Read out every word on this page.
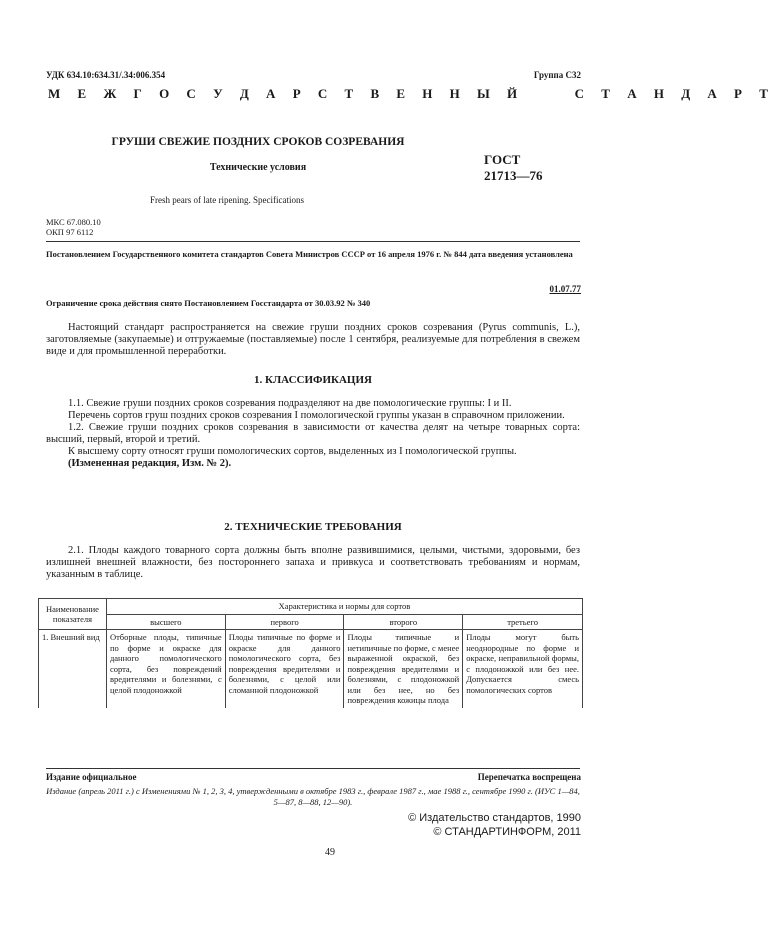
УДК 634.10:634.31/.34:006.354	Группа С32
М Е Ж Г О С У Д А Р С Т В Е Н Н Ы Й	С Т А Н Д А Р Т
ГРУШИ СВЕЖИЕ ПОЗДНИХ СРОКОВ СОЗРЕВАНИЯ
Технические условия
ГОСТ
21713—76
Fresh pears of late ripening. Specifications
МКС 67.080.10
ОКП 97 6112
Постановлением Государственного комитета стандартов Совета Министров СССР от 16 апреля 1976 г. № 844 дата введения установлена
01.07.77
Ограничение срока действия снято Постановлением Госстандарта от 30.03.92 № 340
Настоящий стандарт распространяется на свежие груши поздних сроков созревания (Pyrus communis, L.), заготовляемые (закупаемые) и отгружаемые (поставляемые) после 1 сентября, реализуемые для потребления в свежем виде и для промышленной переработки.
1. КЛАССИФИКАЦИЯ
1.1. Свежие груши поздних сроков созревания подразделяют на две помологические группы: I и II.
Перечень сортов груш поздних сроков созревания I помологической группы указан в справочном приложении.
1.2. Свежие груши поздних сроков созревания в зависимости от качества делят на четыре товарных сорта: высший, первый, второй и третий.
К высшему сорту относят груши помологических сортов, выделенных из I помологической группы.
(Измененная редакция, Изм. № 2).
2. ТЕХНИЧЕСКИЕ ТРЕБОВАНИЯ
2.1. Плоды каждого товарного сорта должны быть вполне развившимися, целыми, чистыми, здоровыми, без излишней внешней влажности, без постороннего запаха и привкуса и соответствовать требованиям и нормам, указанным в таблице.
Наименование показателя	Характеристика и нормы для сортов			
	высшего	первого	второго	третьего
1. Внешний вид	Отборные плоды, типичные по форме и окраске для данного помологического сорта, без повреждений вредителями и болезнями, с целой плодоножкой	Плоды типичные по форме и окраске для данного помологического сорта, без повреждения вредителями и болезнями, с целой или сломанной плодоножкой	Плоды типичные и нетипичные по форме, с менее выраженной окраской, без повреждения вредителями и болезнями, с плодоножкой или без нее, но без повреждения кожицы плода	Плоды могут быть неоднородные по форме и окраске, неправильной формы, с плодоножкой или без нее. Допускается смесь помологических сортов
Издание официальное	Перепечатка воспрещена
Издание (апрель 2011 г.) с Изменениями № 1, 2, 3, 4, утвержденными в октябре 1983 г., феврале 1987 г., мае 1988 г., сентябре 1990 г. (ИУС 1—84, 5—87, 8—88, 12—90).
© Издательство стандартов, 1990
© СТАНДАРТИНФОРМ, 2011
49
